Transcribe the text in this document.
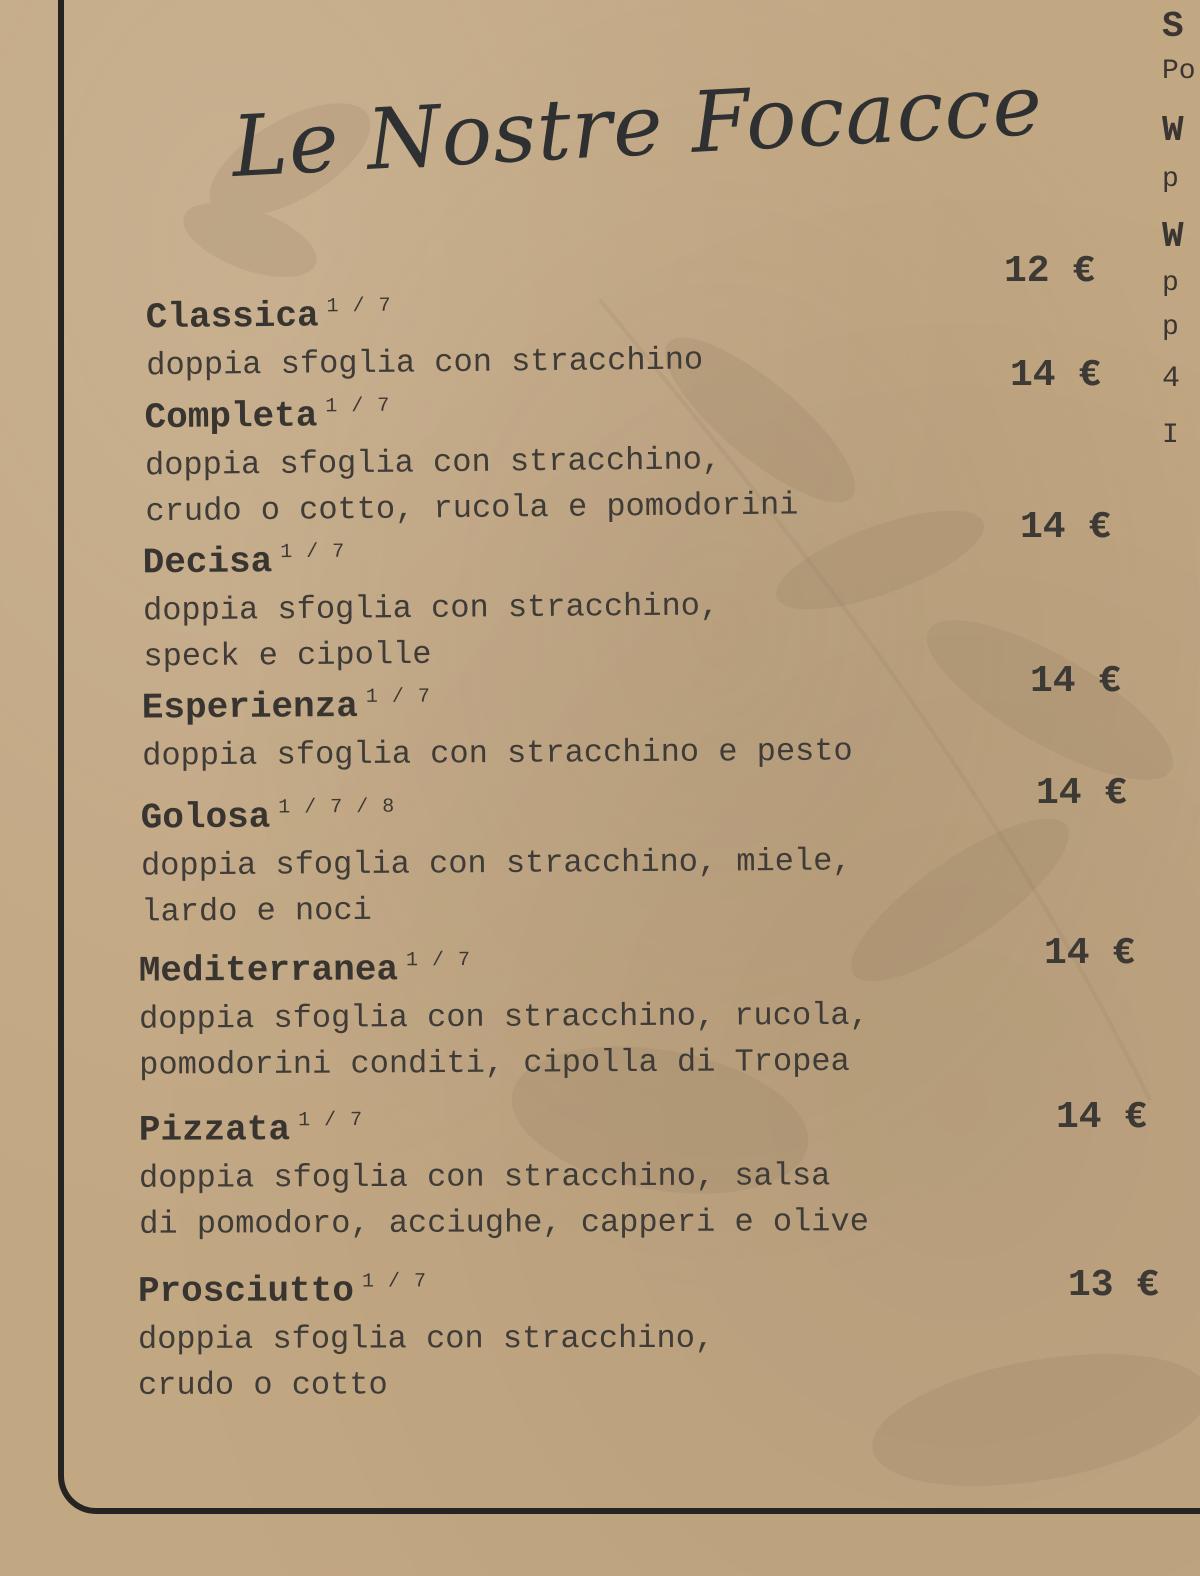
Le Nostre Focacce
Classica 1 / 7
doppia sfoglia con stracchino
12 €
Completa 1 / 7
doppia sfoglia con stracchino,
crudo o cotto, rucola e pomodorini
14 €
Decisa 1 / 7
doppia sfoglia con stracchino,
speck e cipolle
14 €
Esperienza 1 / 7
doppia sfoglia con stracchino e pesto
14 €
Golosa 1 / 7 / 8
doppia sfoglia con stracchino, miele,
lardo e noci
14 €
Mediterranea 1 / 7
doppia sfoglia con stracchino, rucola,
pomodorini conditi, cipolla di Tropea
14 €
Pizzata 1 / 7
doppia sfoglia con stracchino, salsa
di pomodoro, acciughe, capperi e olive
14 €
Prosciutto 1 / 7
doppia sfoglia con stracchino,
crudo o cotto
13 €
S
Po
W
p
W
p
p
4
I
